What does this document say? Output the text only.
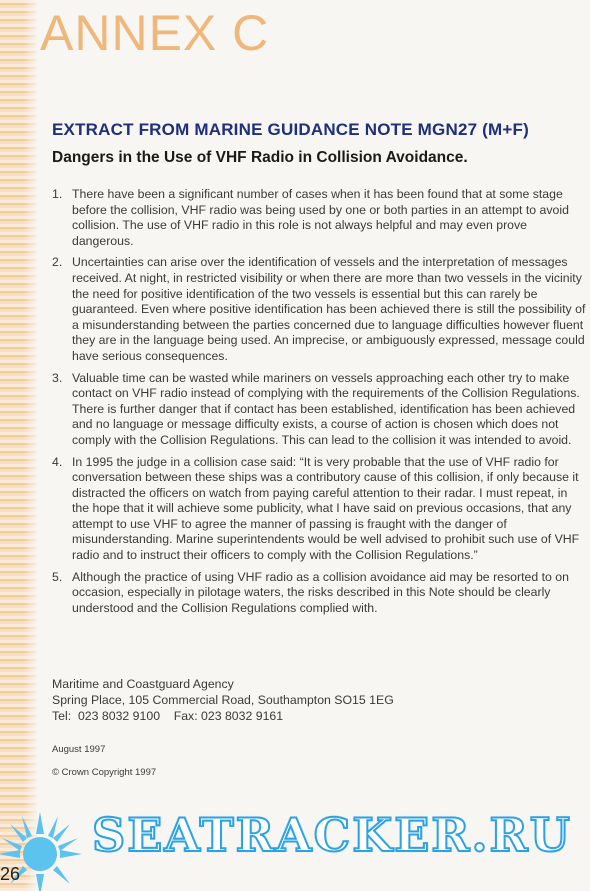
ANNEX C
EXTRACT FROM MARINE GUIDANCE NOTE MGN27 (M+F)
Dangers in the Use of VHF Radio in Collision Avoidance.
1. There have been a significant number of cases when it has been found that at some stage before the collision, VHF radio was being used by one or both parties in an attempt to avoid collision. The use of VHF radio in this role is not always helpful and may even prove dangerous.
2. Uncertainties can arise over the identification of vessels and the interpretation of messages received. At night, in restricted visibility or when there are more than two vessels in the vicinity the need for positive identification of the two vessels is essential but this can rarely be guaranteed. Even where positive identification has been achieved there is still the possibility of a misunderstanding between the parties concerned due to language difficulties however fluent they are in the language being used. An imprecise, or ambiguously expressed, message could have serious consequences.
3. Valuable time can be wasted while mariners on vessels approaching each other try to make contact on VHF radio instead of complying with the requirements of the Collision Regulations. There is further danger that if contact has been established, identification has been achieved and no language or message difficulty exists, a course of action is chosen which does not comply with the Collision Regulations. This can lead to the collision it was intended to avoid.
4. In 1995 the judge in a collision case said: “It is very probable that the use of VHF radio for conversation between these ships was a contributory cause of this collision, if only because it distracted the officers on watch from paying careful attention to their radar. I must repeat, in the hope that it will achieve some publicity, what I have said on previous occasions, that any attempt to use VHF to agree the manner of passing is fraught with the danger of misunderstanding. Marine superintendents would be well advised to prohibit such use of VHF radio and to instruct their officers to comply with the Collision Regulations.”
5. Although the practice of using VHF radio as a collision avoidance aid may be resorted to on occasion, especially in pilotage waters, the risks described in this Note should be clearly understood and the Collision Regulations complied with.
Maritime and Coastguard Agency
Spring Place, 105 Commercial Road, Southampton SO15 1EG
Tel:  023 8032 9100    Fax: 023 8032 9161
August 1997
© Crown Copyright 1997
SEATRACKER.RU
26
